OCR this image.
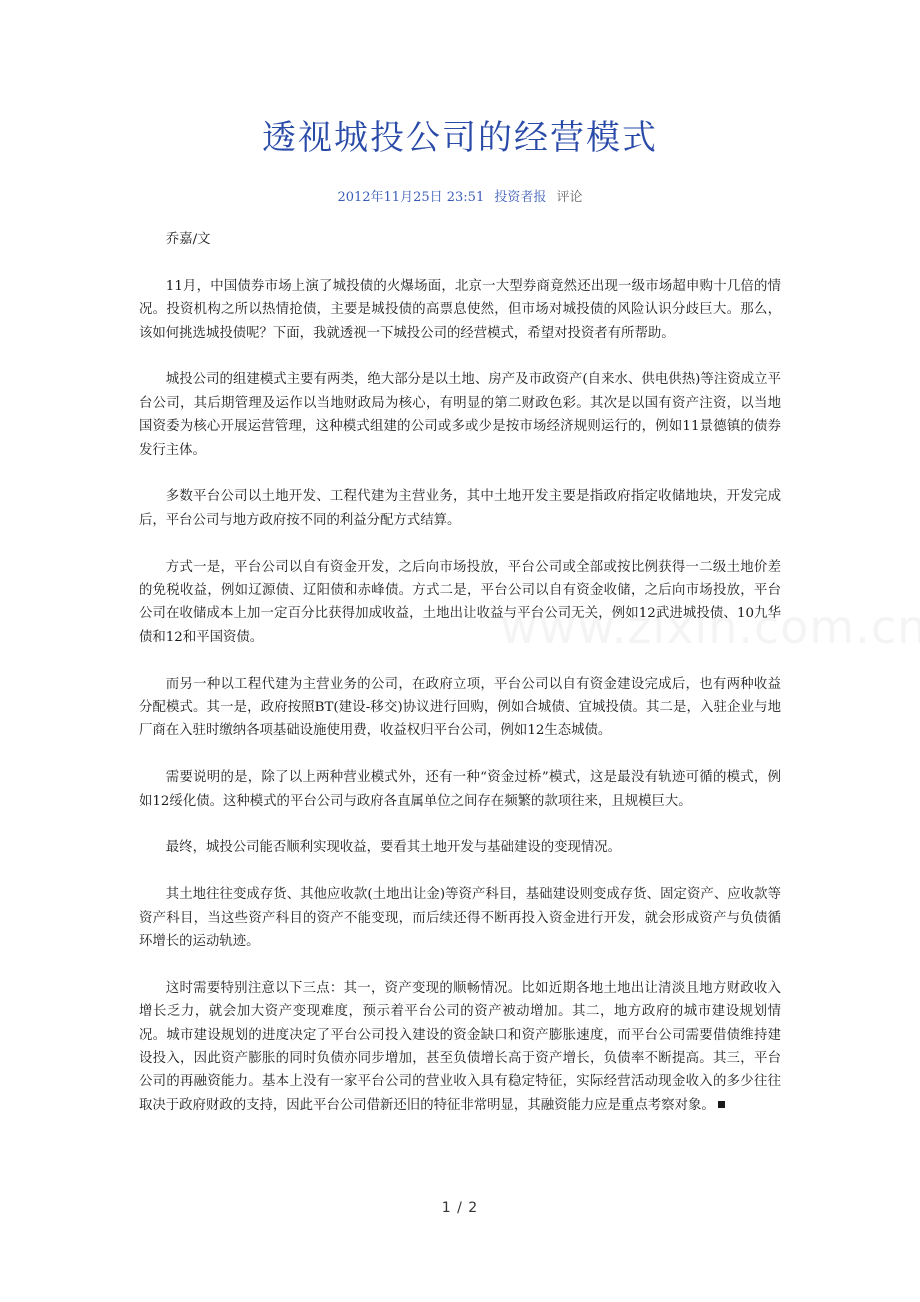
透视城投公司的经营模式
2012年11月25日 23:51 投资者报 评论

乔嘉/文

11月，中国债券市场上演了城投债的火爆场面，北京一大型券商竟然还出现一级市场超申购十几倍的情况。投资机构之所以热情抢债，主要是城投债的高票息使然，但市场对城投债的风险认识分歧巨大。那么，该如何挑选城投债呢？下面，我就透视一下城投公司的经营模式，希望对投资者有所帮助。

城投公司的组建模式主要有两类，绝大部分是以土地、房产及市政资产(自来水、供电供热)等注资成立平台公司，其后期管理及运作以当地财政局为核心，有明显的第二财政色彩。其次是以国有资产注资，以当地国资委为核心开展运营管理，这种模式组建的公司或多或少是按市场经济规则运行的，例如11景德镇的债券发行主体。

多数平台公司以土地开发、工程代建为主营业务，其中土地开发主要是指政府指定收储地块，开发完成后，平台公司与地方政府按不同的利益分配方式结算。

方式一是，平台公司以自有资金开发，之后向市场投放，平台公司或全部或按比例获得一二级土地价差的免税收益，例如辽源债、辽阳债和赤峰债。方式二是，平台公司以自有资金收储，之后向市场投放，平台公司在收储成本上加一定百分比获得加成收益，土地出让收益与平台公司无关，例如12武进城投债、10九华债和12和平国资债。

而另一种以工程代建为主营业务的公司，在政府立项，平台公司以自有资金建设完成后，也有两种收益分配模式。其一是，政府按照BT(建设-移交)协议进行回购，例如合城债、宜城投债。其二是，入驻企业与地厂商在入驻时缴纳各项基础设施使用费，收益权归平台公司，例如12生态城债。

需要说明的是，除了以上两种营业模式外，还有一种“资金过桥”模式，这是最没有轨迹可循的模式，例如12绥化债。这种模式的平台公司与政府各直属单位之间存在频繁的款项往来，且规模巨大。

最终，城投公司能否顺利实现收益，要看其土地开发与基础建设的变现情况。

其土地往往变成存货、其他应收款(土地出让金)等资产科目，基础建设则变成存货、固定资产、应收款等资产科目，当这些资产科目的资产不能变现，而后续还得不断再投入资金进行开发，就会形成资产与负债循环增长的运动轨迹。

这时需要特别注意以下三点：其一，资产变现的顺畅情况。比如近期各地土地出让清淡且地方财政收入增长乏力，就会加大资产变现难度，预示着平台公司的资产被动增加。其二，地方政府的城市建设规划情况。城市建设规划的进度决定了平台公司投入建设的资金缺口和资产膨胀速度，而平台公司需要借债维持建设投入，因此资产膨胀的同时负债亦同步增加，甚至负债增长高于资产增长，负债率不断提高。其三，平台公司的再融资能力。基本上没有一家平台公司的营业收入具有稳定特征，实际经营活动现金收入的多少往往取决于政府财政的支持，因此平台公司借新还旧的特征非常明显，其融资能力应是重点考察对象。

1 / 2
